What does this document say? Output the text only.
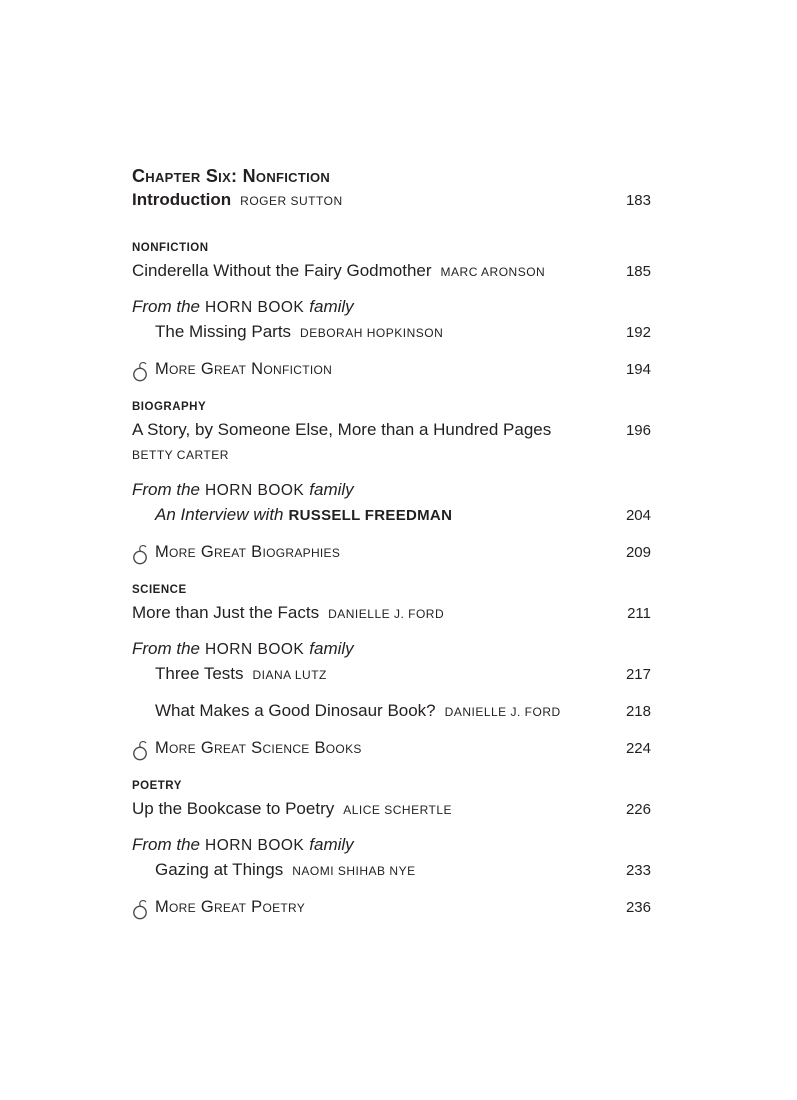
Chapter Six: Nonfiction
Introduction ROGER SUTTON	183
NONFICTION
Cinderella Without the Fairy Godmother MARC ARONSON	185
From the HORN BOOK family
The Missing Parts DEBORAH HOPKINSON	192
More Great Nonfiction	194
BIOGRAPHY
A Story, by Someone Else, More than a Hundred Pages	196
BETTY CARTER
From the HORN BOOK family
An Interview with RUSSELL FREEDMAN	204
More Great Biographies	209
SCIENCE
More than Just the Facts DANIELLE J. FORD	211
From the HORN BOOK family
Three Tests DIANA LUTZ	217
What Makes a Good Dinosaur Book? DANIELLE J. FORD	218
More Great Science Books	224
POETRY
Up the Bookcase to Poetry ALICE SCHERTLE	226
From the HORN BOOK family
Gazing at Things NAOMI SHIHAB NYE	233
More Great Poetry	236
